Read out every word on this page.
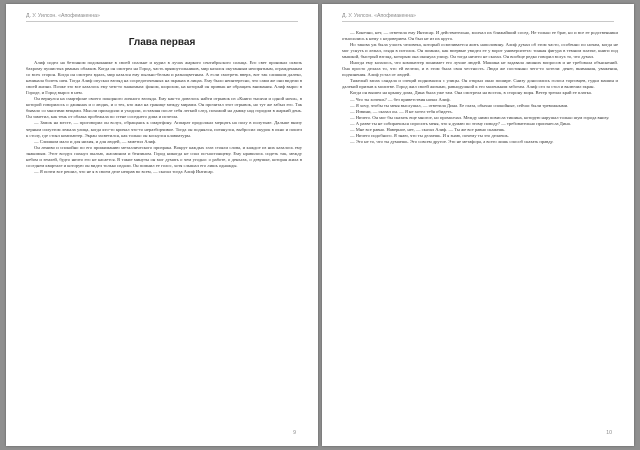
Д. У. Уилсон. «Апофеиакенна»
Глава первая

Алиф сидел на бетонном подоконнике в своей спальне и курил в лучах жаркого сентябрьского солнца. Его свет проникал сквозь бахрому пушистых рваных облаков. Когда он смотрел на Город, часть прямоугольников, мир казался окутанным неопрятным, огражденным со всех сторон. Когда он смотрел вдаль, мир казался ему пыльно-белым и разноцветным. А если смотреть вверх, вот так слишком далеко, начинала болеть шея. Тогда Алиф опускал взгляд на сосредоточенных на экранах в лицах. Ему было неинтересно, что сами же они видели в своей жизни. Позже это все казалось ему чем-то знакомым: фоном, шорохом, на который он привык не обращать внимания. Алиф вырос в Городе, и Город вырос в нем.

Он вернулся на смартфоне своего покорного личного взгляда. Ему как-то довелось найти отрывок из «Книги тысячи и одной ночи», в которой говорилось о джиннах и о людях, и о тех, кто жил на границе между мирами. Он прочитал этот отрывок, но тут же забыл его. Так бывало со многими вещами. Мысли приходили и уходили, оставляя после себя легкий след, похожий на дымку над городом в жаркий день. Он заметил, как тень от облака пробежала по стене соседнего дома и исчезла.

— Замок на месте, — проговорил он вслух, обращаясь к смартфону. Аппарат продолжал мерцать на полу в полутьме. Дальше внизу черным силуэтом лежала улица, когда кто-то кричал что-то неразборчивое. Тогда он поднялся, потянулся, выбросил окурок в окно и пошел к столу, где стоял компьютер. Экран засветился, как только он коснулся клавиатуры.

— Слишком мало и для нихия, и для людей, — заметил Алиф.

Он лениво и спокойно по его прижиманию металлического призрака. Вокруг каждых глаз стояли слова, и каждое из них казалось ему знакомым. Этот воздух пахнул пылью, жасмином и бензином. Город никогда не спал по-настоящему. Ему нравилось сидеть так, между небом и землей, будто ничто его не касается. В такие минуты он мог думать о чем угодно: о работе, о деньгах, о девушке, которая жила в соседнем квартале и которую он видел только издали. Он помнил ее голос, хотя слышал его лишь однажды.

— Я почти все решил, что не я в своем деле неправ во всем, — сказал тогда Алиф Интисар.

9
Д. У. Уилсон. «Апофеиакенна»

— Конечно, нет, — ответила ему Интисар. И действительно, молчал их ближайший сосед. Не только ее брат, но и все ее родственники относились к нему с недоверием. Он был не из их круга.

Но такова уж была участь человека, который осмеливается жить наполовину. Алиф думал об этом часто, особенно по ночам, когда не мог уснуть и лежал, глядя в потолок. Он помнил, как впервые увидел ее у ворот университета: тонкая фигура в темном платке, книги под мышкой, быстрый взгляд, которым она окинула улицу. Он тогда ничего не сказал. Он вообще редко говорил вслух то, что думал.

Иногда ему казалось, что компьютер понимает его лучше людей. Машина не задавала лишних вопросов и не требовала объяснений. Она просто делала то, что ей велели, и в этом была своя честность. Люди же постоянно чего-то хотели: денег, внимания, уважения, подчинения. Алиф устал от людей.

Тяжелый запах сандала и специй поднимался с улицы. Он открыл окно пошире. Снизу доносились голоса торговцев, гудки машин и далекий призыв к молитве. Город жил своей жизнью, равнодушной к его маленьким заботам. Алиф сел за стол и включил экран.

Когда он вышел на крышу дома, Дина была уже там. Она смотрела на восток, в сторону моря. Ветер трепал край ее платка.

— Что ты хочешь? — без приветствия начал Алиф.

— Я хочу, чтобы ты меня выслушал, — ответила Дина. Ее глаза, обычно спокойные, сейчас были тревожными.

— Извини, — сказал он. — Я не хотел тебя обидеть.

— Ничего. Он мог бы сказать еще многое, но промолчал. Между ними повисла тишина, которую нарушал только шум города внизу.

— А разве ты не собираешься спросить меня, что я думаю по этому поводу? — требовательно произнесла Дина.

— Мне все равно. Наверное, нет, — сказал Алиф. — Ты же все равно скажешь.

— Ничего подобного. Я знаю, что ты делаешь. И я знаю, почему ты это делаешь.

— Это не то, что ты думаешь. Это совсем другое. Это не метафора, а всего лишь способ сказать правду.

10
